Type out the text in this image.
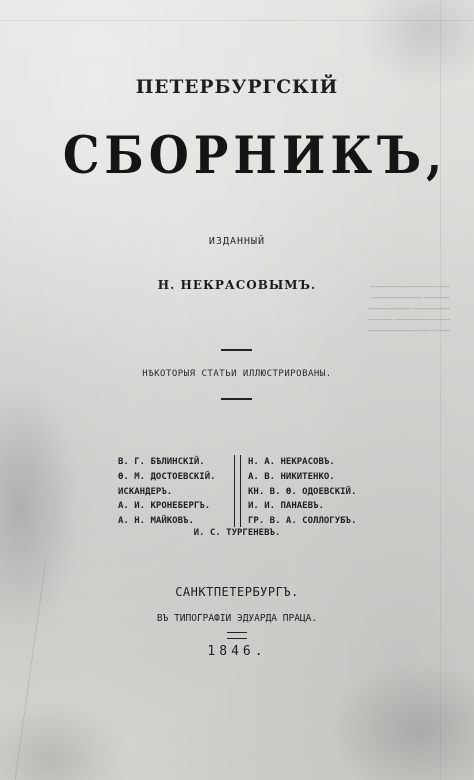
━━━━━━━━━━━━━━━━━━━
━━━━━━ ━━━━━━━━━━━━
━━━━━━━━━ ━━━━━━━━━━
━━━━━━━━━━━━━ ━━━━━━
━━━━ ━━━━━━━━━━━━━━━
ПЕТЕРБУРГСКІЙ
СБОРНИКЪ,
ИЗДАННЫЙ
Н. НЕКРАСОВЫМЪ.
НѢКОТОРЫЯ СТАТЬИ ИЛЛЮСТРИРОВАНЫ.
В. Г. БѢЛИНСКІЙ.
Ѳ. М. ДОСТОЕВСКІЙ.
ИСКАНДЕРЪ.
А. И. КРОНЕБЕРГЪ.
А. Н. МАЙКОВЪ.
Н. А. НЕКРАСОВЪ.
А. В. НИКИТЕНКО.
КН. В. Ѳ. ОДОЕВСКІЙ.
И. И. ПАНАЕВЪ.
ГР. В. А. СОЛЛОГУБЪ.
И. С. ТУРГЕНЕВЪ.
САНКТПЕТЕРБУРГЪ.
ВЪ ТИПОГРАФІИ ЭДУАРДА ПРАЦА.
1846.
